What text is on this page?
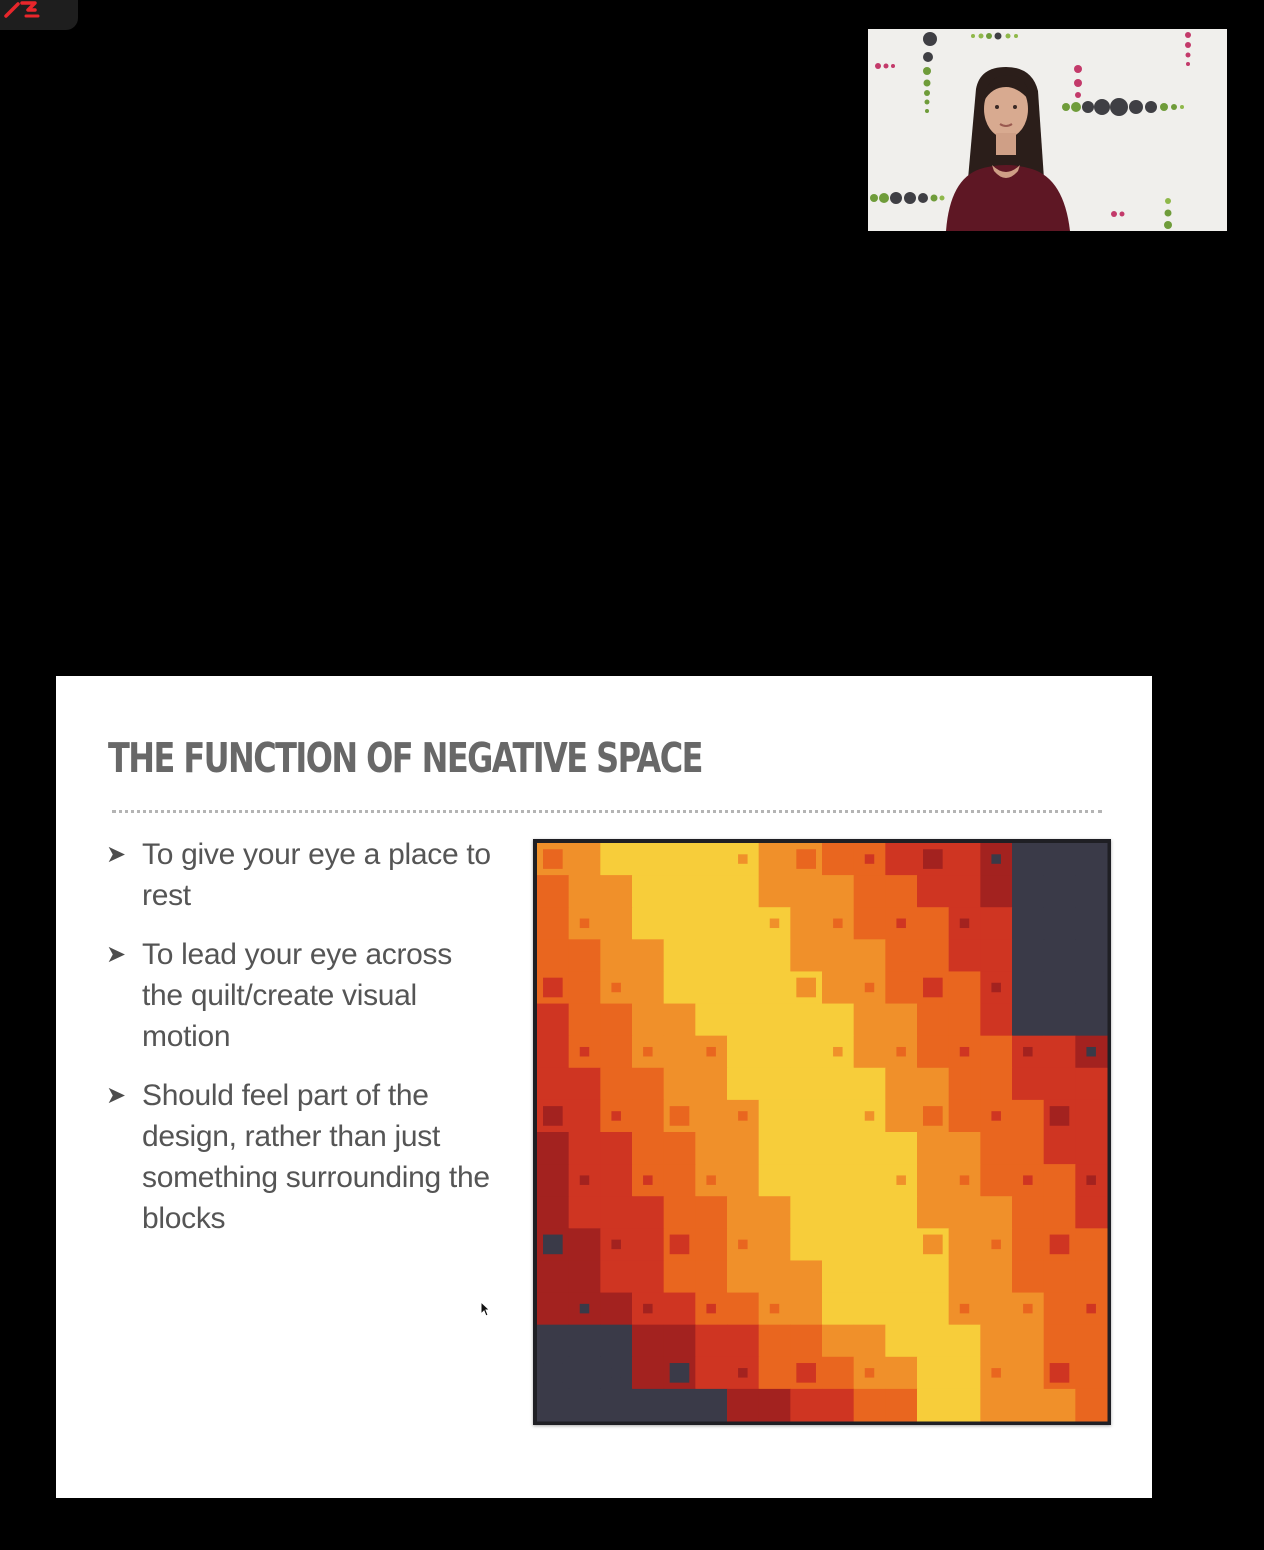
THE FUNCTION OF NEGATIVE SPACE
➤ To give your eye a place to rest
➤ To lead your eye across the quilt/create visual motion
➤ Should feel part of the design, rather than just something surrounding the blocks
